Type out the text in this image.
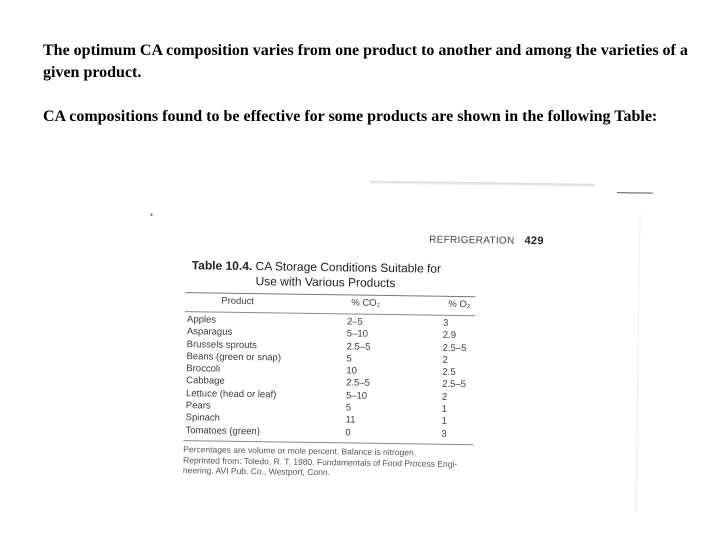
The optimum CA composition varies from one product to another and among the varieties of a given product.

CA compositions found to be effective for some products are shown in the following Table:

REFRIGERATION 429
Table 10.4. CA Storage Conditions Suitable for
Use with Various Products
Product	% CO₂	% O₂
Apples	2–5	3
Asparagus	5–10	2.9
Brussels sprouts	2.5–5	2.5–5
Beans (green or snap)	5	2
Broccoli	10	2.5
Cabbage	2.5–5	2.5–5
Lettuce (head or leaf)	5–10	2
Pears	5	1
Spinach	11	1
Tomatoes (green)	0	3
Percentages are volume or mole percent. Balance is nitrogen.
Reprinted from: Toledo, R. T. 1980. Fundamentals of Food Process Engi-
neering. AVI Pub. Co., Westport, Conn.
